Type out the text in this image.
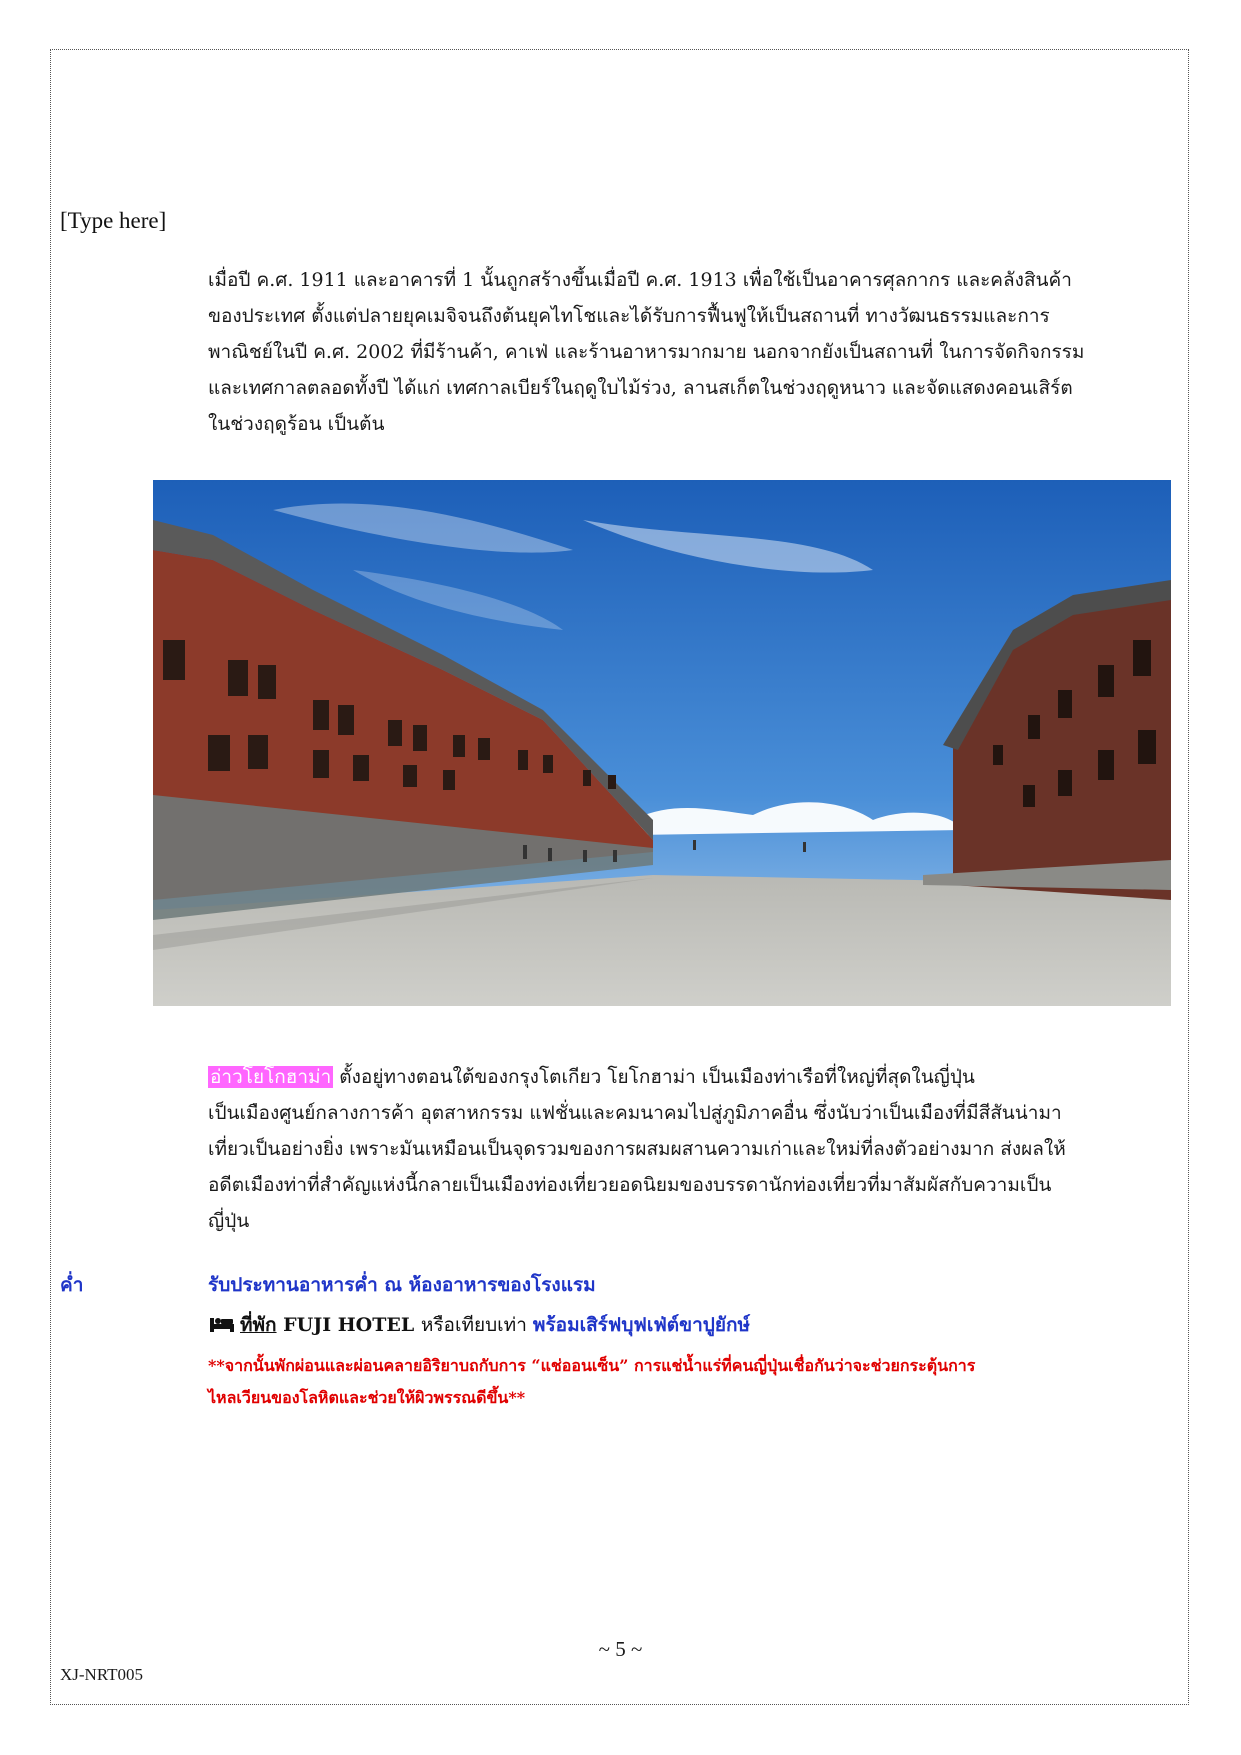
[Type here]

เมื่อปี ค.ศ. 1911 และอาคารที่ 1 นั้นถูกสร้างขึ้นเมื่อปี ค.ศ. 1913 เพื่อใช้เป็นอาคารศุลกากร และคลังสินค้า

ของประเทศ ตั้งแต่ปลายยุคเมจิจนถึงต้นยุคไทโชและได้รับการฟื้นฟูให้เป็นสถานที่ ทางวัฒนธรรมและการ

พาณิชย์ในปี ค.ศ. 2002 ที่มีร้านค้า, คาเฟ่ และร้านอาหารมากมาย นอกจากยังเป็นสถานที่ ในการจัดกิจกรรม

และเทศกาลตลอดทั้งปี ได้แก่ เทศกาลเบียร์ในฤดูใบไม้ร่วง, ลานสเก็ตในช่วงฤดูหนาว และจัดแสดงคอนเสิร์ต

ในช่วงฤดูร้อน เป็นต้น

อ่าวโยโกฮาม่า ตั้งอยู่ทางตอนใต้ของกรุงโตเกียว โยโกฮาม่า เป็นเมืองท่าเรือที่ใหญ่ที่สุดในญี่ปุ่น
เป็นเมืองศูนย์กลางการค้า อุตสาหกรรม แฟชั่นและคมนาคมไปสู่ภูมิภาคอื่น ซึ่งนับว่าเป็นเมืองที่มีสีสันน่ามา
เที่ยวเป็นอย่างยิ่ง เพราะมันเหมือนเป็นจุดรวมของการผสมผสานความเก่าและใหม่ที่ลงตัวอย่างมาก ส่งผลให้
อดีตเมืองท่าที่สำคัญแห่งนี้กลายเป็นเมืองท่องเที่ยวยอดนิยมของบรรดานักท่องเที่ยวที่มาสัมผัสกับความเป็น
ญี่ปุ่น
ค่ำ	รับประทานอาหารค่ำ ณ ห้องอาหารของโรงแรม
ที่พัก FUJI HOTEL หรือเทียบเท่า พร้อมเสิร์ฟบุฟเฟ่ต์ขาปูยักษ์
**จากนั้นพักผ่อนและผ่อนคลายอิริยาบถกับการ “แช่ออนเซ็น” การแช่น้ำแร่ที่คนญี่ปุ่นเชื่อกันว่าจะช่วยกระตุ้นการ
ไหลเวียนของโลหิตและช่วยให้ผิวพรรณดีขึ้น**
~ 5 ~
XJ-NRT005
